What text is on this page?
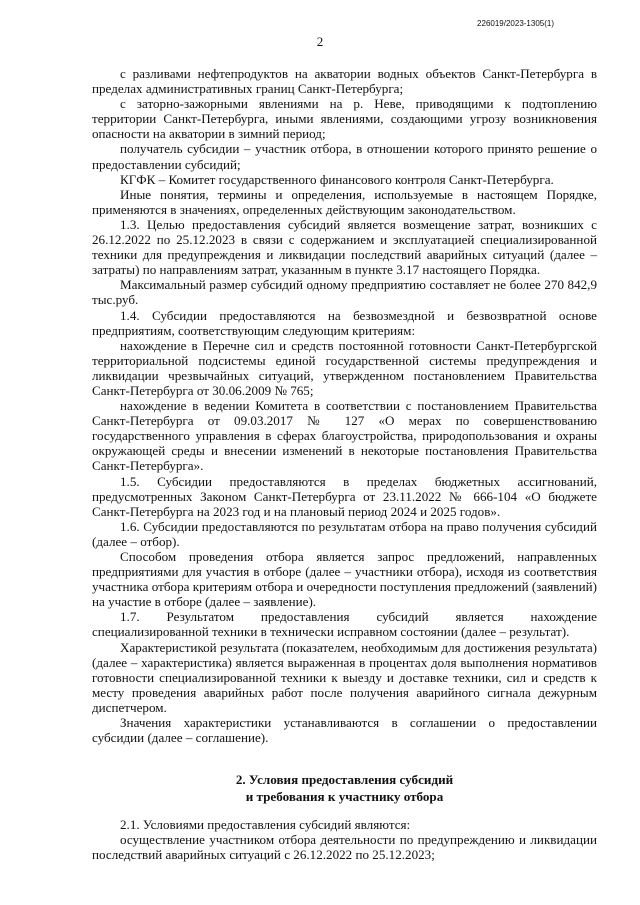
226019/2023-1305(1)
2

с разливами нефтепродуктов на акватории водных объектов Санкт-Петербурга в пределах административных границ Санкт-Петербурга;

с заторно-зажорными явлениями на р. Неве, приводящими к подтоплению территории Санкт-Петербурга, иными явлениями, создающими угрозу возникновения опасности на акватории в зимний период;

получатель субсидии – участник отбора, в отношении которого принято решение о предоставлении субсидий;

КГФК – Комитет государственного финансового контроля Санкт-Петербурга.

Иные понятия, термины и определения, используемые в настоящем Порядке, применяются в значениях, определенных действующим законодательством.

1.3. Целью предоставления субсидий является возмещение затрат, возникших с 26.12.2022 по 25.12.2023 в связи с содержанием и эксплуатацией специализированной техники для предупреждения и ликвидации последствий аварийных ситуаций (далее – затраты) по направлениям затрат, указанным в пункте 3.17 настоящего Порядка.

Максимальный размер субсидий одному предприятию составляет не более 270 842,9 тыс.руб.

1.4. Субсидии предоставляются на безвозмездной и безвозвратной основе предприятиям, соответствующим следующим критериям:

нахождение в Перечне сил и средств постоянной готовности Санкт-Петербургской территориальной подсистемы единой государственной системы предупреждения и ликвидации чрезвычайных ситуаций, утвержденном постановлением Правительства Санкт-Петербурга от 30.06.2009 № 765;

нахождение в ведении Комитета в соответствии с постановлением Правительства Санкт-Петербурга от 09.03.2017 № 127 «О мерах по совершенствованию государственного управления в сферах благоустройства, природопользования и охраны окружающей среды и внесении изменений в некоторые постановления Правительства Санкт-Петербурга».

1.5. Субсидии предоставляются в пределах бюджетных ассигнований, предусмотренных Законом Санкт-Петербурга от 23.11.2022 № 666-104 «О бюджете Санкт-Петербурга на 2023 год и на плановый период 2024 и 2025 годов».

1.6. Субсидии предоставляются по результатам отбора на право получения субсидий (далее – отбор).

Способом проведения отбора является запрос предложений, направленных предприятиями для участия в отборе (далее – участники отбора), исходя из соответствия участника отбора критериям отбора и очередности поступления предложений (заявлений) на участие в отборе (далее – заявление).

1.7. Результатом предоставления субсидий является нахождение специализированной техники в технически исправном состоянии (далее – результат).

Характеристикой результата (показателем, необходимым для достижения результата) (далее – характеристика) является выраженная в процентах доля выполнения нормативов готовности специализированной техники к выезду и доставке техники, сил и средств к месту проведения аварийных работ после получения аварийного сигнала дежурным диспетчером.

Значения характеристики устанавливаются в соглашении о предоставлении субсидии (далее – соглашение).

2. Условия предоставления субсидий
и требования к участнику отбора

2.1. Условиями предоставления субсидий являются:

осуществление участником отбора деятельности по предупреждению и ликвидации последствий аварийных ситуаций с 26.12.2022 по 25.12.2023;
